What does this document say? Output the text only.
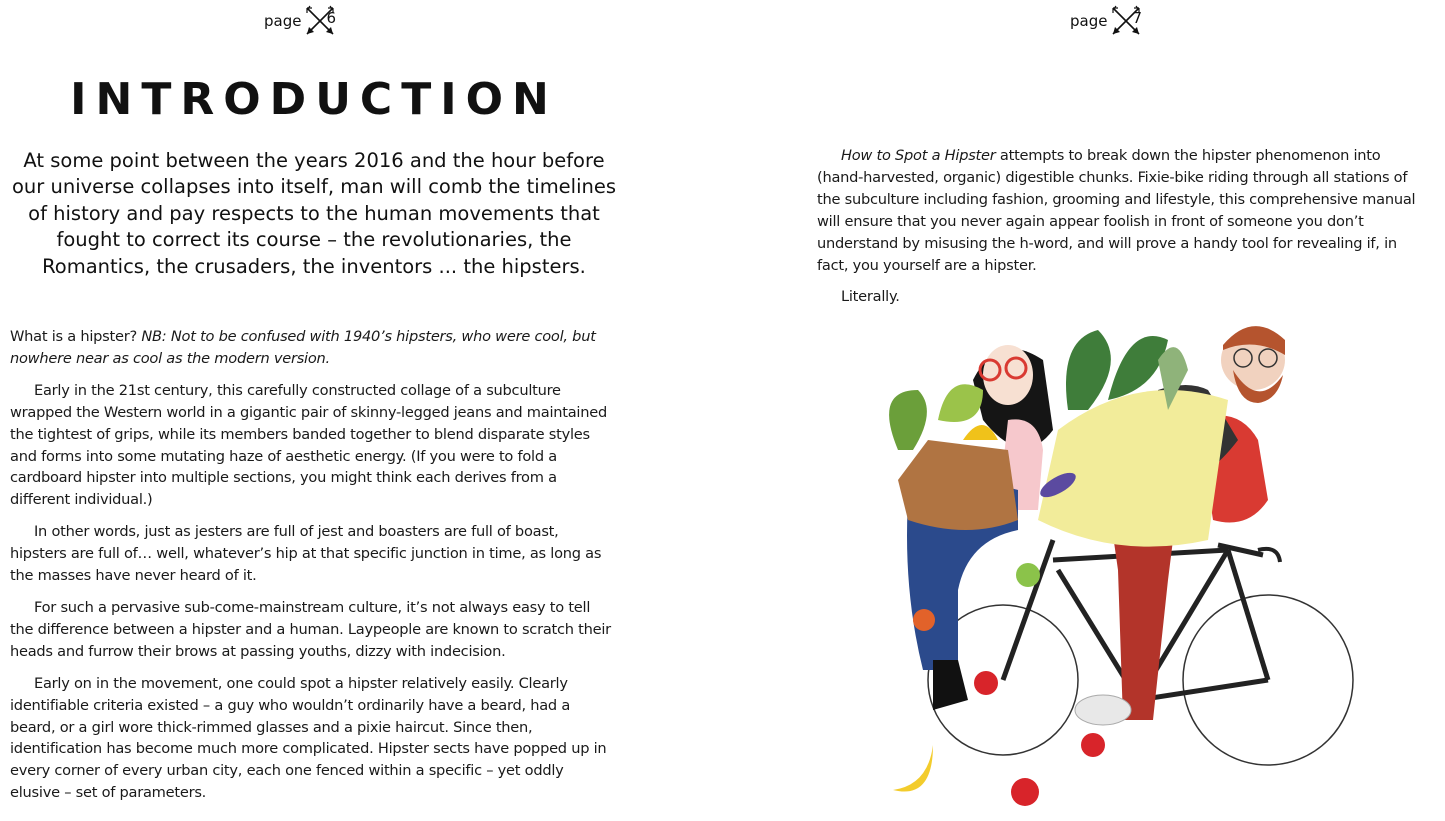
page 6
INTRODUCTION

At some point between the years 2016 and the hour before our universe collapses into itself, man will comb the timelines of history and pay respects to the human movements that fought to correct its course – the revolutionaries, the Romantics, the crusaders, the inventors ... the hipsters.

What is a hipster? NB: Not to be confused with 1940’s hipsters, who were cool, but nowhere near as cool as the modern version.

Early in the 21st century, this carefully constructed collage of a subculture wrapped the Western world in a gigantic pair of skinny-legged jeans and maintained the tightest of grips, while its members banded together to blend disparate styles and forms into some mutating haze of aesthetic energy. (If you were to fold a cardboard hipster into multiple sections, you might think each derives from a different individual.)

In other words, just as jesters are full of jest and boasters are full of boast, hipsters are full of… well, whatever’s hip at that specific junction in time, as long as the masses have never heard of it.

For such a pervasive sub-come-mainstream culture, it’s not always easy to tell the difference between a hipster and a human. Laypeople are known to scratch their heads and furrow their brows at passing youths, dizzy with indecision.

Early on in the movement, one could spot a hipster relatively easily. Clearly identifiable criteria existed – a guy who wouldn’t ordinarily have a beard, had a beard, or a girl wore thick-rimmed glasses and a pixie haircut. Since then, identification has become much more complicated. Hipster sects have popped up in every corner of every urban city, each one fenced within a specific – yet oddly elusive – set of parameters.

page 7

How to Spot a Hipster attempts to break down the hipster phenomenon into (hand-harvested, organic) digestible chunks. Fixie-bike riding through all stations of the subculture including fashion, grooming and lifestyle, this comprehensive manual will ensure that you never again appear foolish in front of someone you don’t understand by misusing the h-word, and will prove a handy tool for revealing if, in fact, you yourself are a hipster.

Literally.
